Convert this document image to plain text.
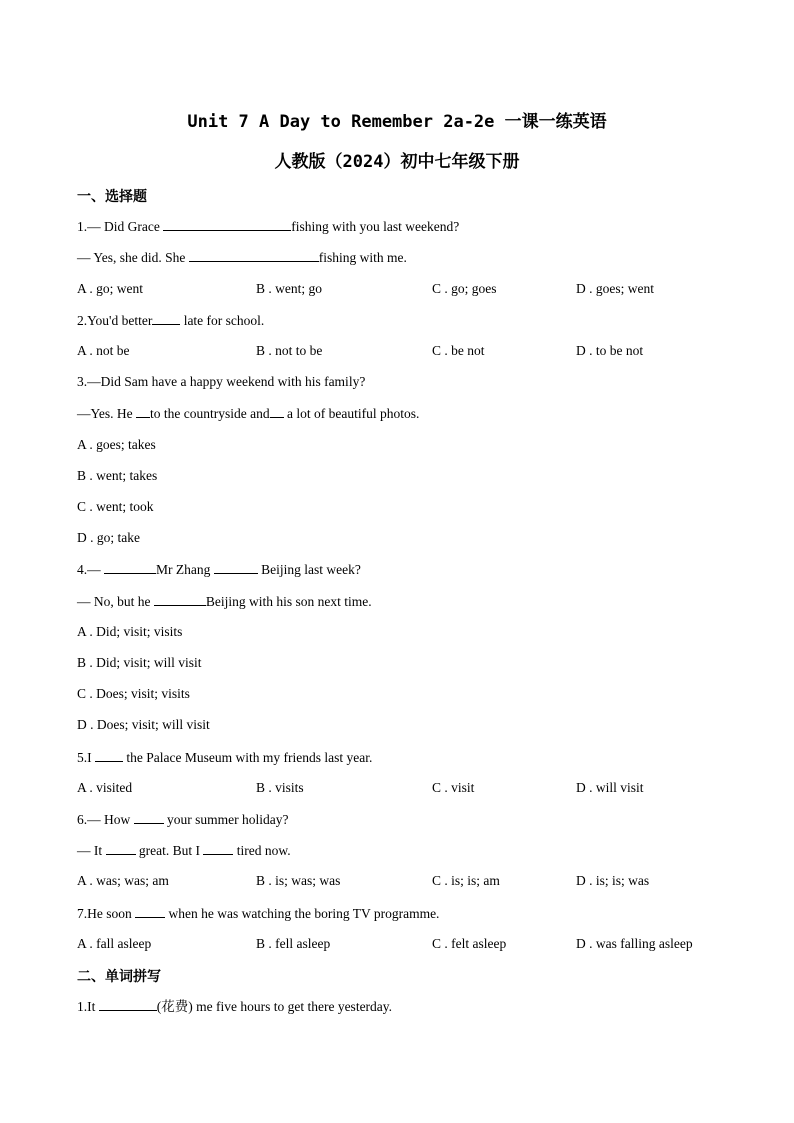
Unit 7 A Day to Remember 2a-2e 一课一练英语
人教版（2024）初中七年级下册
一、选择题
1.— Did Grace	fishing with you last weekend?
— Yes, she did. She	fishing with me.
A . go; went	B . went; go	C . go; goes	D . goes; went
2.You'd better late for school.
A . not be	B . not to be	C . be not	D . to be not
3.—Did Sam have a happy weekend with his family?
—Yes. He to the countryside and a lot of beautiful photos.
A . goes; takes
B . went; takes
C . went; took
D . go; take
4.—	Mr Zhang	Beijing last week?
— No, but he	Beijing with his son next time.
A . Did; visit; visits
B . Did; visit; will visit
C . Does; visit; visits
D . Does; visit; will visit
5.I  the Palace Museum with my friends last year.
A . visited	B . visits	C . visit	D . will visit
6.— How  your summer holiday?
— It  great. But I  tired now.
A . was; was; am	B . is; was; was	C . is; is; am	D . is; is; was
7.He soon  when he was watching the boring TV programme.
A . fall asleep	B . fell asleep	C . felt asleep	D . was falling asleep
二、单词拼写
1.It	(花费) me five hours to get there yesterday.
